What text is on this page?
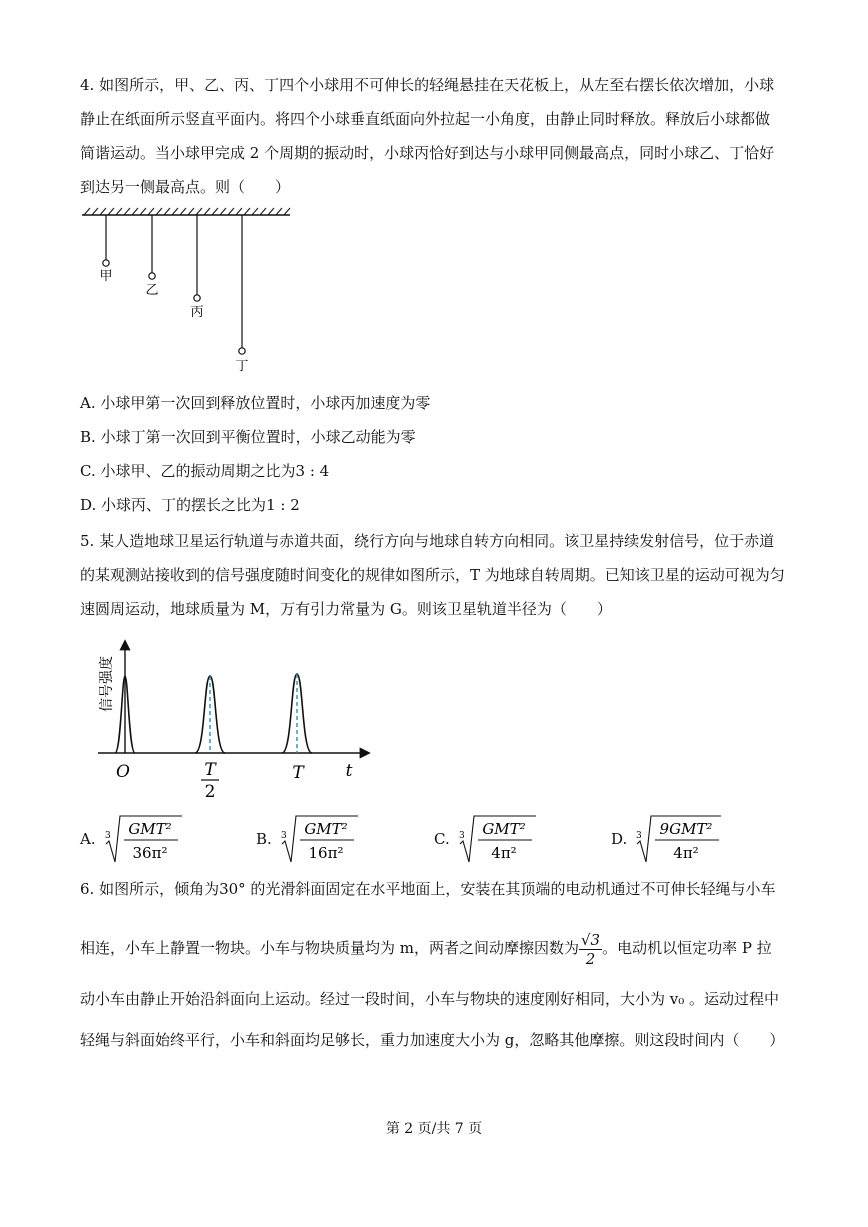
4. 如图所示，甲、乙、丙、丁四个小球用不可伸长的轻绳悬挂在天花板上，从左至右摆长依次增加，小球
静止在纸面所示竖直平面内。将四个小球垂直纸面向外拉起一小角度，由静止同时释放。释放后小球都做
简谐运动。当小球甲完成 2 个周期的振动时，小球丙恰好到达与小球甲同侧最高点，同时小球乙、丁恰好
到达另一侧最高点。则（　　）
甲
乙
丙
丁
A. 小球甲第一次回到释放位置时，小球丙加速度为零
B. 小球丁第一次回到平衡位置时，小球乙动能为零
C. 小球甲、乙的振动周期之比为3 : 4
D. 小球丙、丁的摆长之比为1 : 2
5. 某人造地球卫星运行轨道与赤道共面，绕行方向与地球自转方向相同。该卫星持续发射信号，位于赤道
的某观测站接收到的信号强度随时间变化的规律如图所示，T 为地球自转周期。已知该卫星的运动可视为匀
速圆周运动，地球质量为 M，万有引力常量为 G。则该卫星轨道半径为（　　）
信号强度
O	T
2
T t
A. 3 GMT²
36π²
B. 3 GMT²
16π²
C. 3 GMT²
4π²
D. 3 9GMT²
4π²
6. 如图所示，倾角为30° 的光滑斜面固定在水平地面上，安装在其顶端的电动机通过不可伸长轻绳与小车
相连，小车上静置一物块。小车与物块质量均为 m，两者之间动摩擦因数为 $\frac{√3}{2}$ 。电动机以恒定功率 P 拉
动小车由静止开始沿斜面向上运动。经过一段时间，小车与物块的速度刚好相同，大小为 v₀ 。运动过程中
轻绳与斜面始终平行，小车和斜面均足够长，重力加速度大小为 g，忽略其他摩擦。则这段时间内（　　）
第 2 页/共 7 页
